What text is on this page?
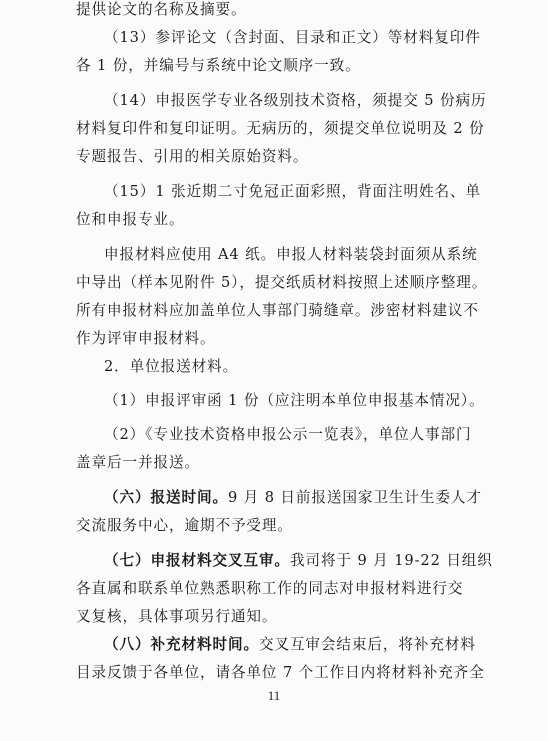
提供论文的名称及摘要。
（13）参评论文（含封面、目录和正文）等材料复印件
各 1 份，并编号与系统中论文顺序一致。
（14）申报医学专业各级别技术资格，须提交 5 份病历
材料复印件和复印证明。无病历的，须提交单位说明及 2 份
专题报告、引用的相关原始资料。
（15）1 张近期二寸免冠正面彩照，背面注明姓名、单
位和申报专业。
申报材料应使用 A4 纸。申报人材料装袋封面须从系统
中导出（样本见附件 5），提交纸质材料按照上述顺序整理。
所有申报材料应加盖单位人事部门骑缝章。涉密材料建议不
作为评审申报材料。
2．单位报送材料。
（1）申报评审函 1 份（应注明本单位申报基本情况）。
（2）《专业技术资格申报公示一览表》，单位人事部门
盖章后一并报送。
（六）报送时间。9 月 8 日前报送国家卫生计生委人才
交流服务中心，逾期不予受理。
（七）申报材料交叉互审。我司将于 9 月 19-22 日组织
各直属和联系单位熟悉职称工作的同志对申报材料进行交
叉复核，具体事项另行通知。
（八）补充材料时间。交叉互审会结束后，将补充材料
11
目录反馈于各单位，请各单位 7 个工作日内将材料补充齐全
